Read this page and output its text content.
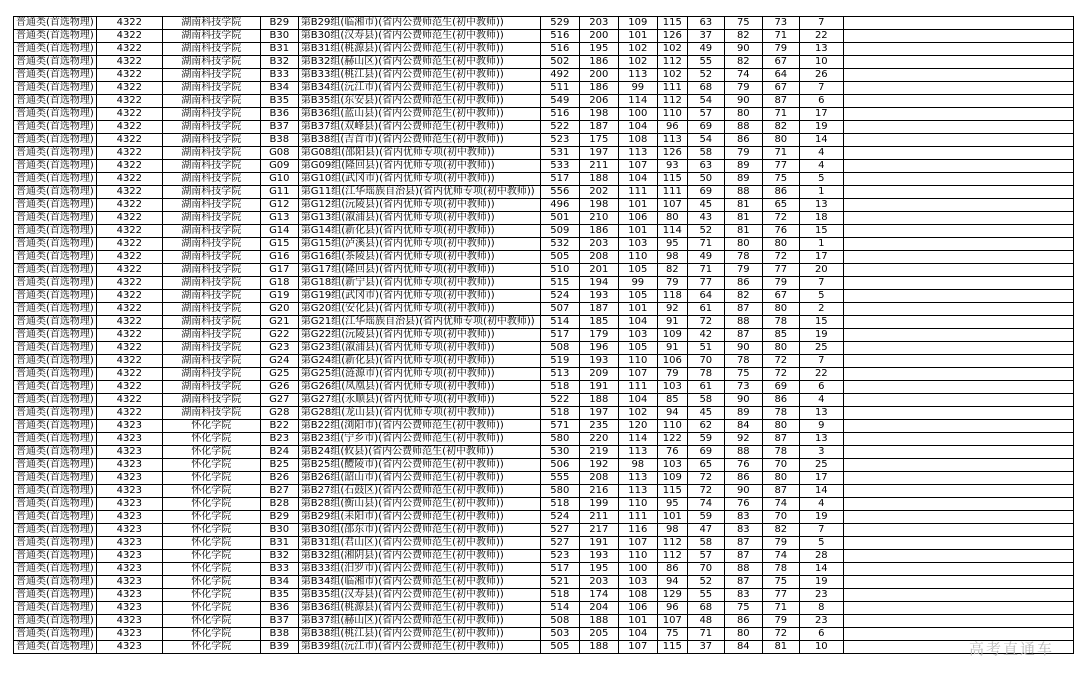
普通类(首选物理)	4322	湖南科技学院	B29	第B29组(临湘市)(省内公费师范生(初中教师))	529	203	109	115	63	75	73	7	
普通类(首选物理)	4322	湖南科技学院	B30	第B30组(汉寿县)(省内公费师范生(初中教师))	516	200	101	126	37	82	71	22	
普通类(首选物理)	4322	湖南科技学院	B31	第B31组(桃源县)(省内公费师范生(初中教师))	516	195	102	102	49	90	79	13	
普通类(首选物理)	4322	湖南科技学院	B32	第B32组(赫山区)(省内公费师范生(初中教师))	502	186	102	112	55	82	67	10	
普通类(首选物理)	4322	湖南科技学院	B33	第B33组(桃江县)(省内公费师范生(初中教师))	492	200	113	102	52	74	64	26	
普通类(首选物理)	4322	湖南科技学院	B34	第B34组(沅江市)(省内公费师范生(初中教师))	511	186	99	111	68	79	67	7	
普通类(首选物理)	4322	湖南科技学院	B35	第B35组(东安县)(省内公费师范生(初中教师))	549	206	114	112	54	90	87	6	
普通类(首选物理)	4322	湖南科技学院	B36	第B36组(蓝山县)(省内公费师范生(初中教师))	516	198	100	110	57	80	71	17	
普通类(首选物理)	4322	湖南科技学院	B37	第B37组(双峰县)(省内公费师范生(初中教师))	522	187	104	96	69	88	82	19	
普通类(首选物理)	4322	湖南科技学院	B38	第B38组(吉首市)(省内公费师范生(初中教师))	523	175	108	113	54	86	80	14	
普通类(首选物理)	4322	湖南科技学院	G08	第G08组(邵阳县)(省内优师专项(初中教师))	531	197	113	126	58	79	71	4	
普通类(首选物理)	4322	湖南科技学院	G09	第G09组(隆回县)(省内优师专项(初中教师))	533	211	107	93	63	89	77	4	
普通类(首选物理)	4322	湖南科技学院	G10	第G10组(武冈市)(省内优师专项(初中教师))	517	188	104	115	50	89	75	5	
普通类(首选物理)	4322	湖南科技学院	G11	第G11组(江华瑶族自治县)(省内优师专项(初中教师))	556	202	111	111	69	88	86	1	
普通类(首选物理)	4322	湖南科技学院	G12	第G12组(沅陵县)(省内优师专项(初中教师))	496	198	101	107	45	81	65	13	
普通类(首选物理)	4322	湖南科技学院	G13	第G13组(溆浦县)(省内优师专项(初中教师))	501	210	106	80	43	81	72	18	
普通类(首选物理)	4322	湖南科技学院	G14	第G14组(新化县)(省内优师专项(初中教师))	509	186	101	114	52	81	76	15	
普通类(首选物理)	4322	湖南科技学院	G15	第G15组(泸溪县)(省内优师专项(初中教师))	532	203	103	95	71	80	80	1	
普通类(首选物理)	4322	湖南科技学院	G16	第G16组(茶陵县)(省内优师专项(初中教师))	505	208	110	98	49	78	72	17	
普通类(首选物理)	4322	湖南科技学院	G17	第G17组(隆回县)(省内优师专项(初中教师))	510	201	105	82	71	79	77	20	
普通类(首选物理)	4322	湖南科技学院	G18	第G18组(新宁县)(省内优师专项(初中教师))	515	194	99	79	77	86	79	7	
普通类(首选物理)	4322	湖南科技学院	G19	第G19组(武冈市)(省内优师专项(初中教师))	524	193	105	118	64	82	67	5	
普通类(首选物理)	4322	湖南科技学院	G20	第G20组(安化县)(省内优师专项(初中教师))	507	187	101	92	61	87	80	2	
普通类(首选物理)	4322	湖南科技学院	G21	第G21组(江华瑶族自治县)(省内优师专项(初中教师))	514	185	104	91	72	88	78	15	
普通类(首选物理)	4322	湖南科技学院	G22	第G22组(沅陵县)(省内优师专项(初中教师))	517	179	103	109	42	87	85	19	
普通类(首选物理)	4322	湖南科技学院	G23	第G23组(溆浦县)(省内优师专项(初中教师))	508	196	105	91	51	90	80	25	
普通类(首选物理)	4322	湖南科技学院	G24	第G24组(新化县)(省内优师专项(初中教师))	519	193	110	106	70	78	72	7	
普通类(首选物理)	4322	湖南科技学院	G25	第G25组(涟源市)(省内优师专项(初中教师))	513	209	107	79	78	75	72	22	
普通类(首选物理)	4322	湖南科技学院	G26	第G26组(凤凰县)(省内优师专项(初中教师))	518	191	111	103	61	73	69	6	
普通类(首选物理)	4322	湖南科技学院	G27	第G27组(永顺县)(省内优师专项(初中教师))	522	188	104	85	58	90	86	4	
普通类(首选物理)	4322	湖南科技学院	G28	第G28组(龙山县)(省内优师专项(初中教师))	518	197	102	94	45	89	78	13	
普通类(首选物理)	4323	怀化学院	B22	第B22组(浏阳市)(省内公费师范生(初中教师))	571	235	120	110	62	84	80	9	
普通类(首选物理)	4323	怀化学院	B23	第B23组(宁乡市)(省内公费师范生(初中教师))	580	220	114	122	59	92	87	13	
普通类(首选物理)	4323	怀化学院	B24	第B24组(攸县)(省内公费师范生(初中教师))	530	219	113	76	69	88	78	3	
普通类(首选物理)	4323	怀化学院	B25	第B25组(醴陵市)(省内公费师范生(初中教师))	506	192	98	103	65	76	70	25	
普通类(首选物理)	4323	怀化学院	B26	第B26组(韶山市)(省内公费师范生(初中教师))	555	208	113	109	72	86	80	17	
普通类(首选物理)	4323	怀化学院	B27	第B27组(石鼓区)(省内公费师范生(初中教师))	580	216	113	115	72	90	87	14	
普通类(首选物理)	4323	怀化学院	B28	第B28组(衡山县)(省内公费师范生(初中教师))	518	199	110	95	74	76	74	4	
普通类(首选物理)	4323	怀化学院	B29	第B29组(耒阳市)(省内公费师范生(初中教师))	524	211	111	101	59	83	70	19	
普通类(首选物理)	4323	怀化学院	B30	第B30组(邵东市)(省内公费师范生(初中教师))	527	217	116	98	47	83	82	7	
普通类(首选物理)	4323	怀化学院	B31	第B31组(君山区)(省内公费师范生(初中教师))	527	191	107	112	58	87	79	5	
普通类(首选物理)	4323	怀化学院	B32	第B32组(湘阴县)(省内公费师范生(初中教师))	523	193	110	112	57	87	74	28	
普通类(首选物理)	4323	怀化学院	B33	第B33组(汨罗市)(省内公费师范生(初中教师))	517	195	100	86	70	88	78	14	
普通类(首选物理)	4323	怀化学院	B34	第B34组(临湘市)(省内公费师范生(初中教师))	521	203	103	94	52	87	75	19	
普通类(首选物理)	4323	怀化学院	B35	第B35组(汉寿县)(省内公费师范生(初中教师))	518	174	108	129	55	83	77	23	
普通类(首选物理)	4323	怀化学院	B36	第B36组(桃源县)(省内公费师范生(初中教师))	514	204	106	96	68	75	71	8	
普通类(首选物理)	4323	怀化学院	B37	第B37组(赫山区)(省内公费师范生(初中教师))	508	188	101	107	48	86	79	23	
普通类(首选物理)	4323	怀化学院	B38	第B38组(桃江县)(省内公费师范生(初中教师))	503	205	104	75	71	80	72	6	
普通类(首选物理)	4323	怀化学院	B39	第B39组(沅江市)(省内公费师范生(初中教师))	505	188	107	115	37	84	81	10		高考直通车
